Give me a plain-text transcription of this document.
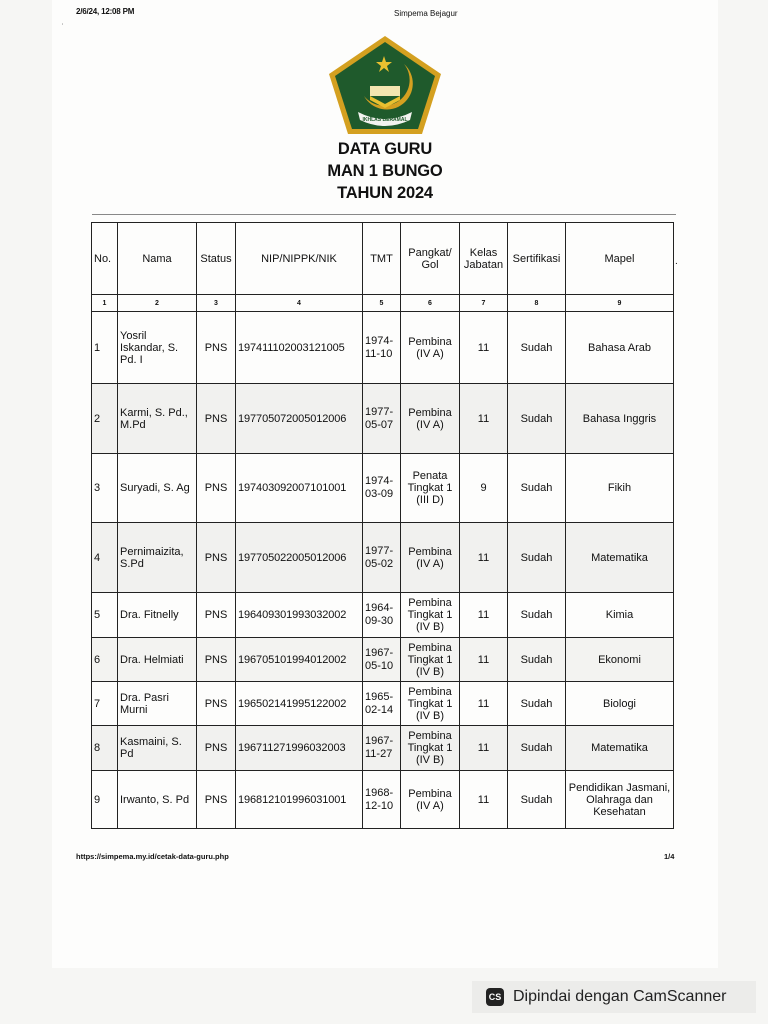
2/6/24, 12:08 PM	Simpema Bejagur
ʼ
IKHLAS BERAMAL
DATA GURU
MAN 1 BUNGO
TAHUN 2024
No.	Nama	Status	NIP/NIPPK/NIK	TMT	Pangkat/ Gol	Kelas Jabatan	Sertifikasi	Mapel
1	2	3	4	5	6	7	8	9
1	Yosril Iskandar, S. Pd. I	PNS	197411102003121005	1974-11-10	Pembina (IV A)	11	Sudah	Bahasa Arab
2	Karmi, S. Pd., M.Pd	PNS	197705072005012006	1977-05-07	Pembina (IV A)	11	Sudah	Bahasa Inggris
3	Suryadi, S. Ag	PNS	197403092007101001	1974-03-09	Penata Tingkat 1 (III D)	9	Sudah	Fikih
4	Pernimaizita, S.Pd	PNS	197705022005012006	1977-05-02	Pembina (IV A)	11	Sudah	Matematika
5	Dra. Fitnelly	PNS	196409301993032002	1964-09-30	Pembina Tingkat 1 (IV B)	11	Sudah	Kimia
6	Dra. Helmiati	PNS	196705101994012002	1967-05-10	Pembina Tingkat 1 (IV B)	11	Sudah	Ekonomi
7	Dra. Pasri Murni	PNS	196502141995122002	1965-02-14	Pembina Tingkat 1 (IV B)	11	Sudah	Biologi
8	Kasmaini, S. Pd	PNS	196711271996032003	1967-11-27	Pembina Tingkat 1 (IV B)	11	Sudah	Matematika
9	Irwanto, S. Pd	PNS	196812101996031001	1968-12-10	Pembina (IV A)	11	Sudah	Pendidikan Jasmani, Olahraga dan Kesehatan
.
https://simpema.my.id/cetak-data-guru.php	1/4
CS Dipindai dengan CamScanner
